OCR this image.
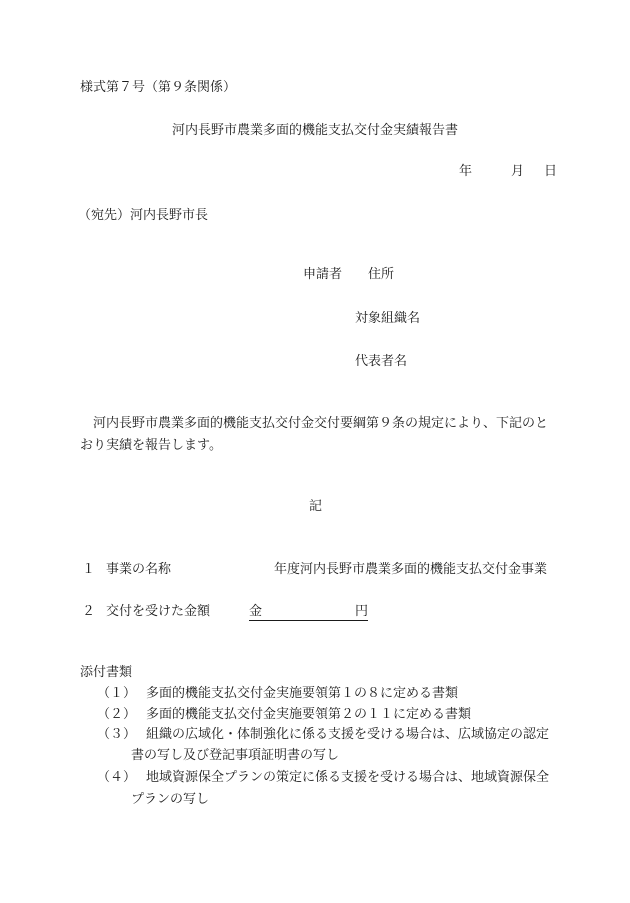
様式第７号（第９条関係）
河内長野市農業多面的機能支払交付金実績報告書
年	月	日
（宛先）河内長野市長
申請者 住所
対象組織名
代表者名
河内長野市農業多面的機能支払交付金交付要綱第９条の規定により、下記のとおり実績を報告します。
記
１ 事業の名称	年度河内長野市農業多面的機能支払交付金事業
２ 交付を受けた金額	金	円
添付書類
（１） 多面的機能支払交付金実施要領第１の８に定める書類
（２） 多面的機能支払交付金実施要領第２の１１に定める書類
（３） 組織の広域化・体制強化に係る支援を受ける場合は、広域協定の認定
書の写し及び登記事項証明書の写し
（４） 地域資源保全プランの策定に係る支援を受ける場合は、地域資源保全
プランの写し
